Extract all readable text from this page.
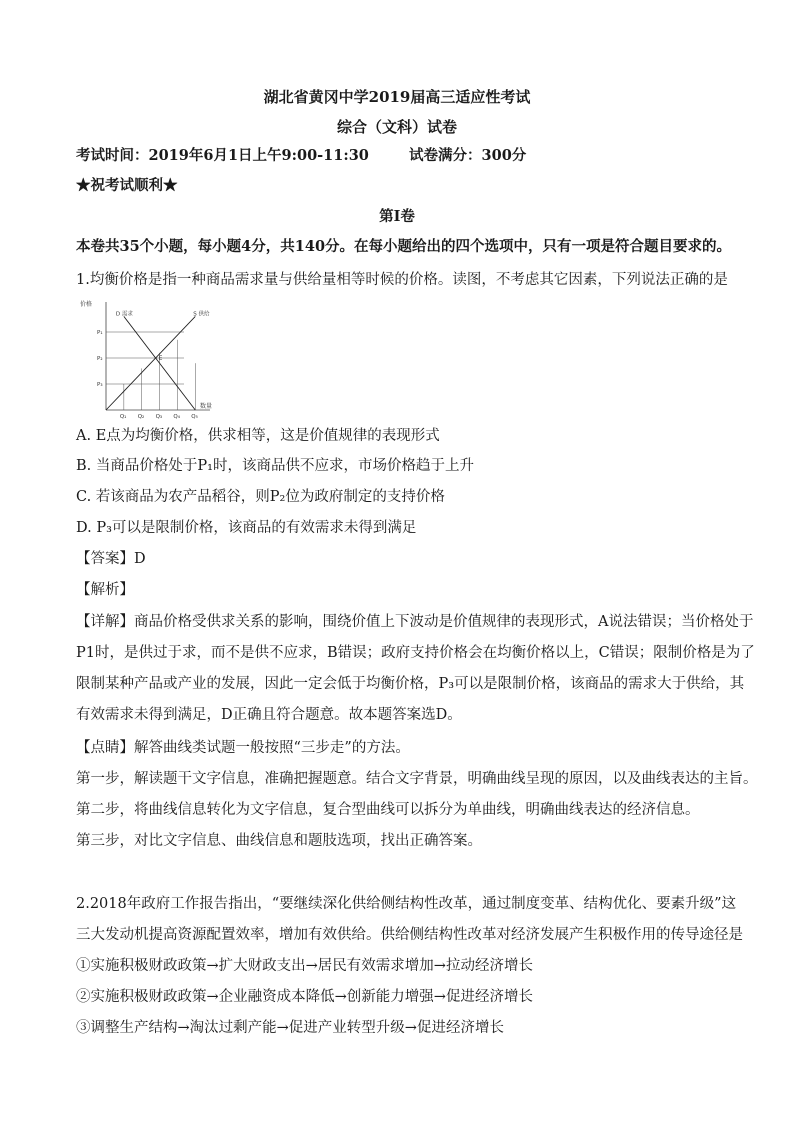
湖北省黄冈中学2019届高三适应性考试
综合（文科）试卷
考试时间：2019年6月1日上午9:00-11:30	试卷满分：300分
★祝考试顺利★
第Ⅰ卷
本卷共35个小题，每小题4分，共140分。在每小题给出的四个选项中，只有一项是符合题目要求的。
1.均衡价格是指一种商品需求量与供给量相等时候的价格。读图，不考虑其它因素，下列说法正确的是
价格
数量
P₁
P₂
P₃
Q₁ Q₂ Q₃ Q₄ Q₅
D 需求	S 供给
E
A. E点为均衡价格，供求相等，这是价值规律的表现形式
B. 当商品价格处于P₁时，该商品供不应求，市场价格趋于上升
C. 若该商品为农产品稻谷，则P₂位为政府制定的支持价格
D. P₃可以是限制价格，该商品的有效需求未得到满足
【答案】D
【解析】
【详解】商品价格受供求关系的影响，围绕价值上下波动是价值规律的表现形式，A说法错误；当价格处于
P1时，是供过于求，而不是供不应求，B错误；政府支持价格会在均衡价格以上，C错误；限制价格是为了
限制某种产品或产业的发展，因此一定会低于均衡价格，P₃可以是限制价格，该商品的需求大于供给，其
有效需求未得到满足，D正确且符合题意。故本题答案选D。
【点睛】解答曲线类试题一般按照“三步走”的方法。
第一步，解读题干文字信息，准确把握题意。结合文字背景，明确曲线呈现的原因，以及曲线表达的主旨。
第二步，将曲线信息转化为文字信息，复合型曲线可以拆分为单曲线，明确曲线表达的经济信息。
第三步，对比文字信息、曲线信息和题肢选项，找出正确答案。
2.2018年政府工作报告指出，“要继续深化供给侧结构性改革，通过制度变革、结构优化、要素升级”这
三大发动机提高资源配置效率，增加有效供给。供给侧结构性改革对经济发展产生积极作用的传导途径是
①实施积极财政政策→扩大财政支出→居民有效需求增加→拉动经济增长
②实施积极财政政策→企业融资成本降低→创新能力增强→促进经济增长
③调整生产结构→淘汰过剩产能→促进产业转型升级→促进经济增长
